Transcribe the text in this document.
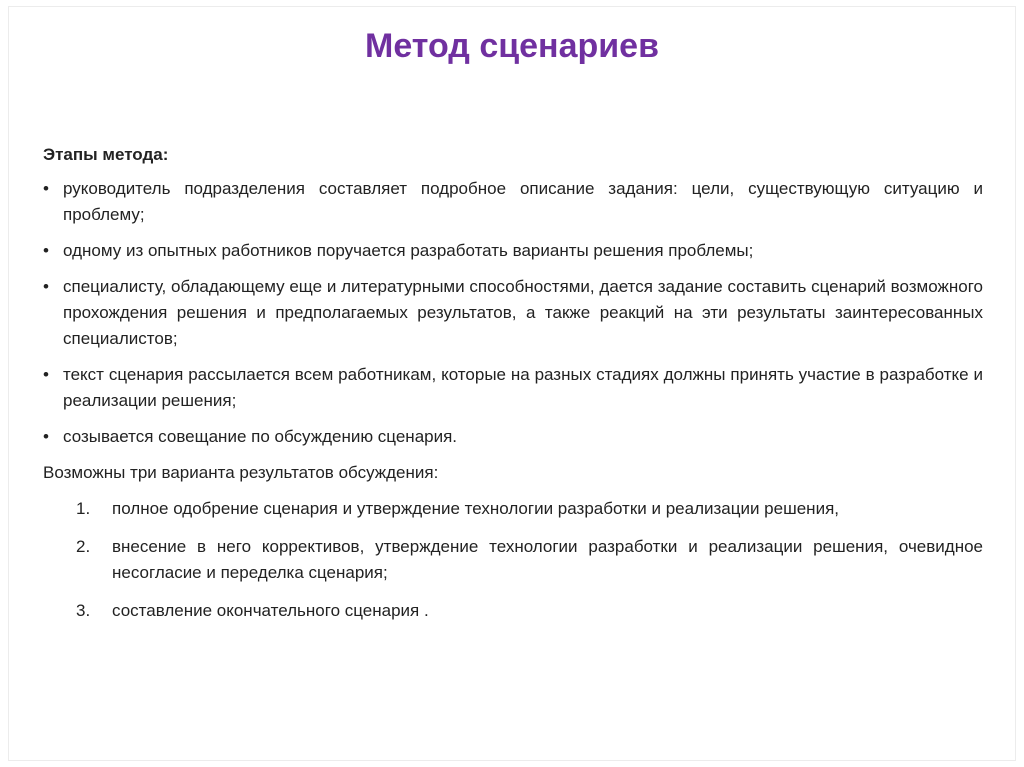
Метод сценариев
Этапы метода:
• руководитель подразделения составляет подробное описание задания: цели, существующую ситуацию и проблему;
• одному из опытных работников поручается разработать варианты решения проблемы;
• специалисту, обладающему еще и литературными способностями, дается задание составить сценарий возможного прохождения решения и предполагаемых результатов, а также реакций на эти результаты заинтересованных специалистов;
• текст сценария рассылается всем работникам, которые на разных стадиях должны принять участие в разработке и реализации решения;
• созывается совещание по обсуждению сценария.
Возможны три варианта результатов обсуждения:
1. полное одобрение сценария и утверждение технологии разработки и реализации решения,
2. внесение в него коррективов, утверждение технологии разработки и реализации решения, очевидное несогласие и переделка сценария;
3. составление окончательного сценария .
